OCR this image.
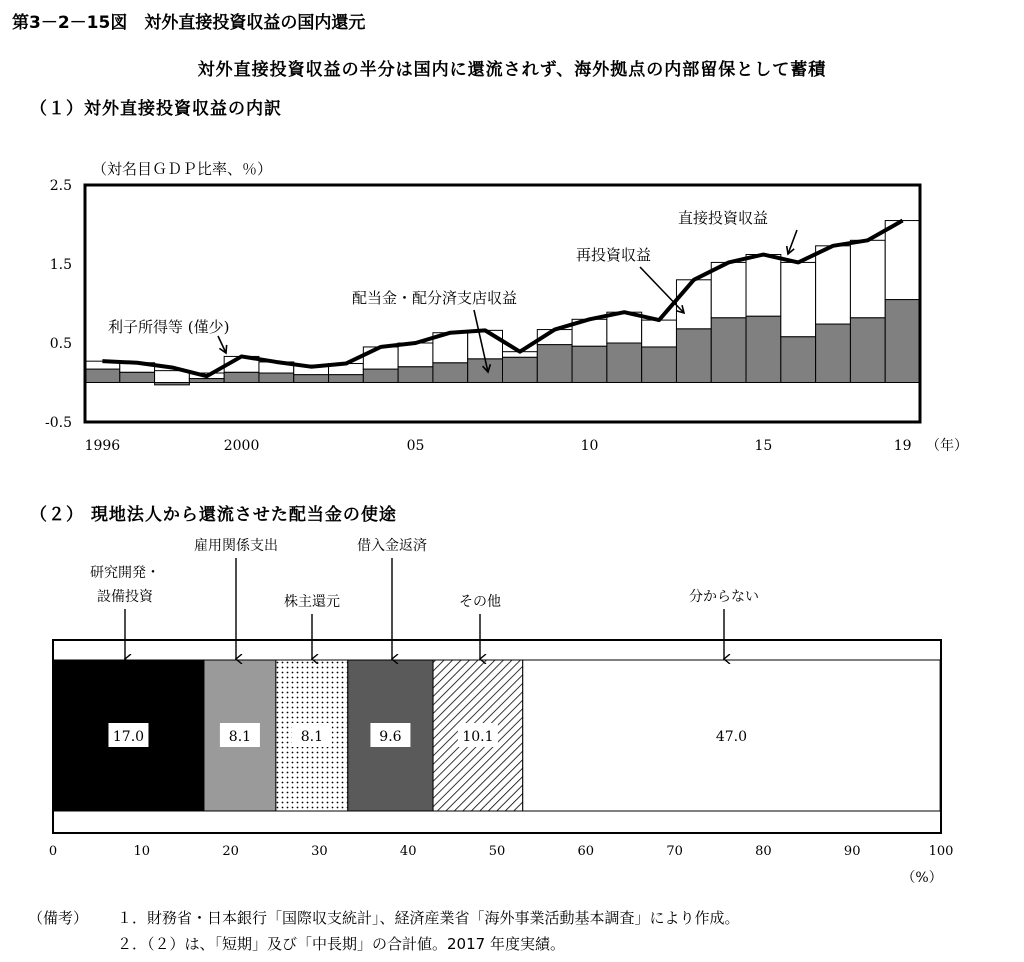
第3－2－15図　対外直接投資収益の国内還元
対外直接投資収益の半分は国内に還流されず、海外拠点の内部留保として蓄積
（１）対外直接投資収益の内訳
（２） 現地法人から還流させた配当金の使途
（備考） １．財務省・日本銀行「国際収支統計」、経済産業省「海外事業活動基本調査」により作成。
２．（２）は、「短期」及び「中長期」の合計値。2017 年度実績。
（対名目ＧＤＰ比率、％）
2.5
1.5
0.5
-0.5
1996	2000	05	10	15	19 （年）
利子所得等 (僅少)
配当金・配分済支店収益
再投資収益
直接投資収益
17.0
研究開発・
設備投資
8.1
雇用関係支出
8.1
株主還元
9.6
借入金返済
10.1
その他
47.0
分からない
0	10	20	30	40	50	60	70	80	90	100
（%）
